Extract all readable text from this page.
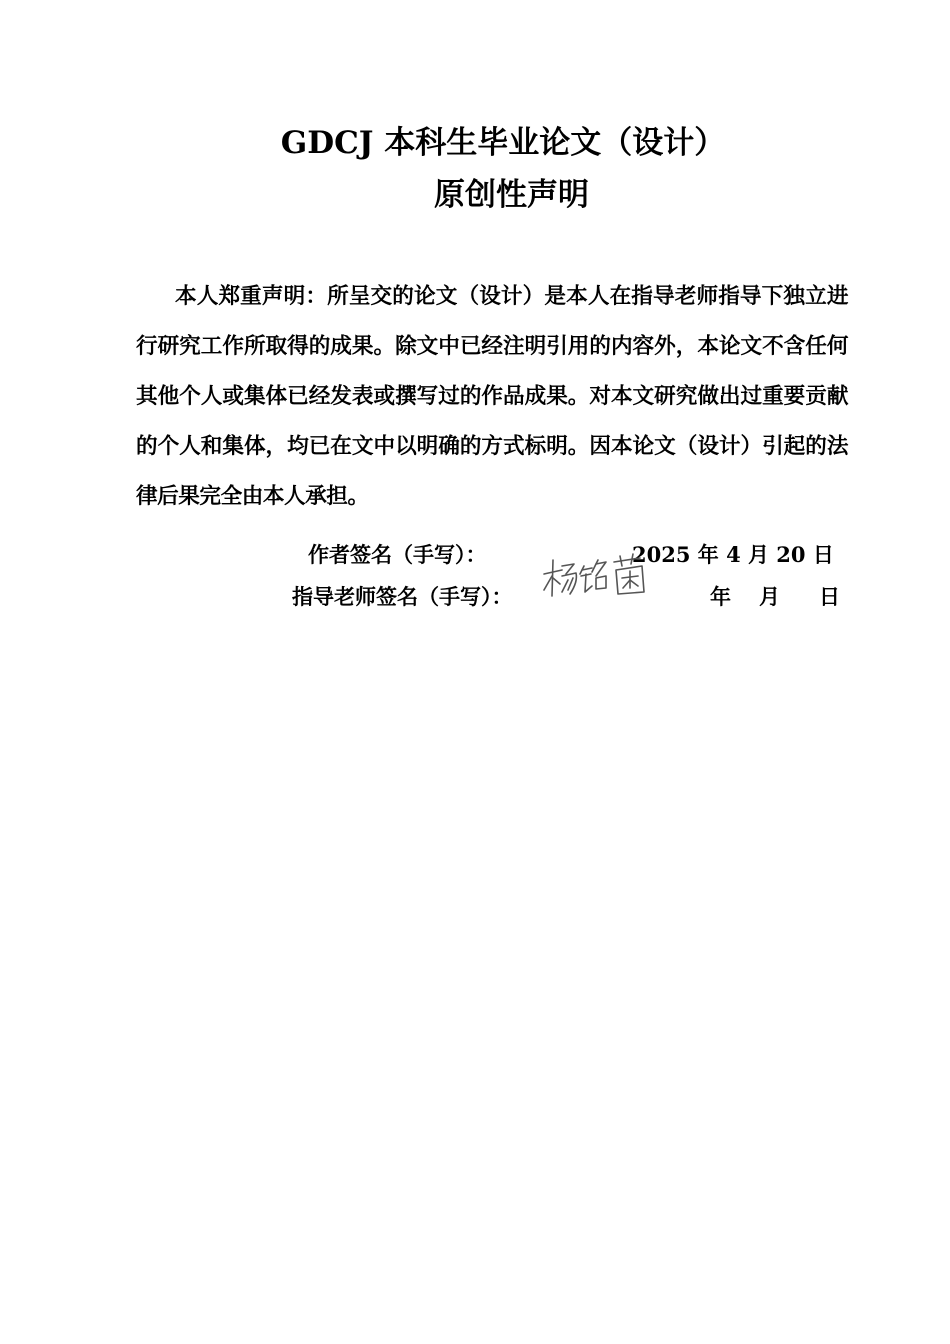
GDCJ 本科生毕业论文（设计）
原创性声明
本人郑重声明：所呈交的论文（设计）是本人在指导老师指导下独立进行研究工作所取得的成果。除文中已经注明引用的内容外，本论文不含任何其他个人或集体已经发表或撰写过的作品成果。对本文研究做出过重要贡献的个人和集体，均已在文中以明确的方式标明。因本论文（设计）引起的法律后果完全由本人承担。
作者签名（手写）：	2025 年 4 月 20 日
指导老师签名（手写）：	年 月 日
